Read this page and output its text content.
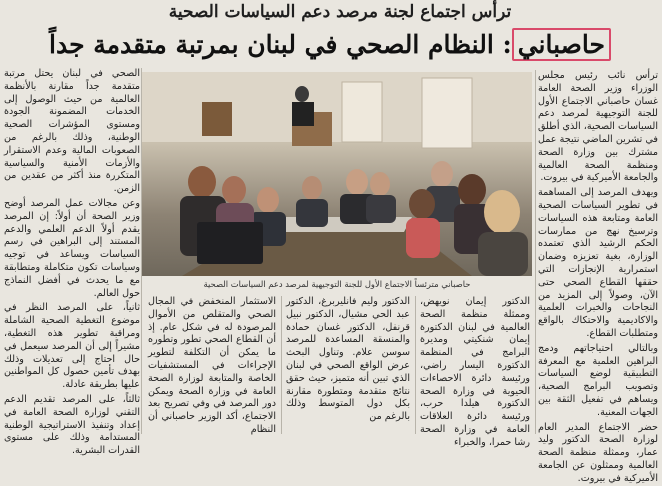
ترأس اجتماع لجنة مرصد دعم السياسات الصحية
حاصباني: النظام الصحي في لبنان بمرتبة متقدمة جداً

ترأس نائب رئيس مجلس الوزراء وزير الصحة العامة غسان حاصباني الاجتماع الأول للجنة التوجيهية لمرصد دعم السياسات الصحية، الذي أطلق في تشرين الماضي نتيجة عمل مشترك بين وزارة الصحة ومنظمة الصحة العالمية والجامعة الأميركية في بيروت.

ويهدف المرصد إلى المساهمة في تطوير السياسات الصحية العامة ومتابعة هذه السياسات وترسيخ نهج من ممارسات الحكم الرشيد الذي تعتمده الوزارة، بغية تعزيزه وضمان استمرارية الإنجازات التي حققها القطاع الصحي حتى الآن، وصولاً إلى المزيد من النجاحات والخبرات العلمية والاكاديمية والاحتكاك بالواقع ومتطلبات القطاع.

وبالتالي احتياجاتهم ودمج البراهين العلمية مع المعرفة التطبيقية لوضع السياسات وتصويب البرامج الصحية، ويساهم في تفعيل الثقة بين الجهات المعنية.

حضر الاجتماع المدير العام لوزارة الصحة الدكتور وليد عمار، وممثلة منظمة الصحة العالمية وممثلون عن الجامعة الأميركية في بيروت.

حاصباني مترئساً الاجتماع الأول للجنة التوجيهية لمرصد دعم السياسات الصحية
الدكتور إيمان نويهض، وممثلة منظمة الصحة العالمية في لبنان الدكتورة إيمان شنكيتي ومديرة البرامج في المنظمة الدكتورة اليسار راضي، ورئيسة دائرة الاحصاءات الحيوية في وزارة الصحة الدكتورة هيلدا حرب، ورئيسة دائرة العلاقات العامة في وزارة الصحة رشا حمرا، والخبراء
الدكتور وليم فانليربرغ، الدكتور عبد الحي مشيال، الدكتور نبيل قرنفل، الدكتور غسان حمادة والمنسقة المساعدة للمرصد سوسن علام. وتناول البحث عرض الواقع الصحي في لبنان الذي تبين أنه متميز، حيث حقق نتائج متقدمة ومتطورة مقارنة بكل دول المتوسط وذلك بالرغم من
الاستثمار المنخفض في المجال الصحي والمتقلص من الأموال المرصودة له في شكل عام. إذ أن القطاع الصحي تطور وتطوره ما يمكن أن التكلفة لتطوير الإجراءات في المستشفيات الخاصة والمتابعة لوزارة الصحة العامة في وزارة الصحة ويمكن دور المرصد في وفي تصريح بعد الاجتماع، أكد الوزير حاصباني أن النظام

الصحي في لبنان يحتل مرتبة متقدمة جداً مقارنة بالأنظمة العالمية من حيث الوصول إلى الخدمات المضمونة الجودة ومستوى المؤشرات الصحية الوطنية، وذلك بالرغم من الصعوبات المالية وعدم الاستقرار والأزمات الأمنية والسياسية المتكررة منذ أكثر من عقدين من الزمن.

وعن مجالات عمل المرصد أوضح وزير الصحة أن أولاً: إن المرصد يقدم أولاً الدعم العلمي والدعم المستند إلى البراهين في رسم السياسات ويساعد في توجيه وسياسات تكون متكاملة ومتطابقة مع ما يحدث في أفضل النماذج حول العالم.

ثانياً، على المرصد النظر في موضوع التغطية الصحية الشاملة ومراقبة تطوير هذه التغطية، مشيراً إلى أن المرصد سيعمل في حال احتاج إلى تعديلات وذلك بهدف تأمين حصول كل المواطنين عليها بطريقة عادلة.

ثالثاً، على المرصد تقديم الدعم التقني لوزارة الصحة العامة في إعداد وتنفيذ الاستراتيجية الوطنية المستدامة وذلك على مستوى القدرات البشرية.
